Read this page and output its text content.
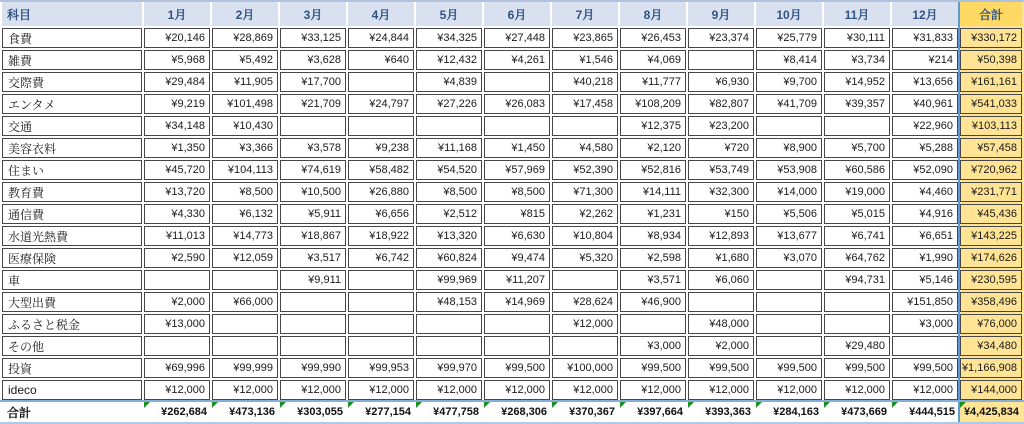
科目	1月	2月	3月	4月	5月	6月	7月	8月	9月	10月	11月	12月	合計
食費	¥20,146	¥28,869	¥33,125	¥24,844	¥34,325	¥27,448	¥23,865	¥26,453	¥23,374	¥25,779	¥30,111	¥31,833	¥330,172
雑費	¥5,968	¥5,492	¥3,628	¥640	¥12,432	¥4,261	¥1,546	¥4,069		¥8,414	¥3,734	¥214	¥50,398
交際費	¥29,484	¥11,905	¥17,700		¥4,839		¥40,218	¥11,777	¥6,930	¥9,700	¥14,952	¥13,656	¥161,161
エンタメ	¥9,219	¥101,498	¥21,709	¥24,797	¥27,226	¥26,083	¥17,458	¥108,209	¥82,807	¥41,709	¥39,357	¥40,961	¥541,033
交通	¥34,148	¥10,430						¥12,375	¥23,200			¥22,960	¥103,113
美容衣料	¥1,350	¥3,366	¥3,578	¥9,238	¥11,168	¥1,450	¥4,580	¥2,120	¥720	¥8,900	¥5,700	¥5,288	¥57,458
住まい	¥45,720	¥104,113	¥74,619	¥58,482	¥54,520	¥57,969	¥52,390	¥52,816	¥53,749	¥53,908	¥60,586	¥52,090	¥720,962
教育費	¥13,720	¥8,500	¥10,500	¥26,880	¥8,500	¥8,500	¥71,300	¥14,111	¥32,300	¥14,000	¥19,000	¥4,460	¥231,771
通信費	¥4,330	¥6,132	¥5,911	¥6,656	¥2,512	¥815	¥2,262	¥1,231	¥150	¥5,506	¥5,015	¥4,916	¥45,436
水道光熱費	¥11,013	¥14,773	¥18,867	¥18,922	¥13,320	¥6,630	¥10,804	¥8,934	¥12,893	¥13,677	¥6,741	¥6,651	¥143,225
医療保険	¥2,590	¥12,059	¥3,517	¥6,742	¥60,824	¥9,474	¥5,320	¥2,598	¥1,680	¥3,070	¥64,762	¥1,990	¥174,626
車			¥9,911		¥99,969	¥11,207		¥3,571	¥6,060		¥94,731	¥5,146	¥230,595
大型出費	¥2,000	¥66,000			¥48,153	¥14,969	¥28,624	¥46,900				¥151,850	¥358,496
ふるさと税金	¥13,000						¥12,000		¥48,000			¥3,000	¥76,000
その他								¥3,000	¥2,000		¥29,480		¥34,480
投資	¥69,996	¥99,999	¥99,990	¥99,953	¥99,970	¥99,500	¥100,000	¥99,500	¥99,500	¥99,500	¥99,500	¥99,500	¥1,166,908
ideco	¥12,000	¥12,000	¥12,000	¥12,000	¥12,000	¥12,000	¥12,000	¥12,000	¥12,000	¥12,000	¥12,000	¥12,000	¥144,000
合計	¥262,684	¥473,136	¥303,055	¥277,154	¥477,758	¥268,306	¥370,367	¥397,664	¥393,363	¥284,163	¥473,669	¥444,515	¥4,425,834
